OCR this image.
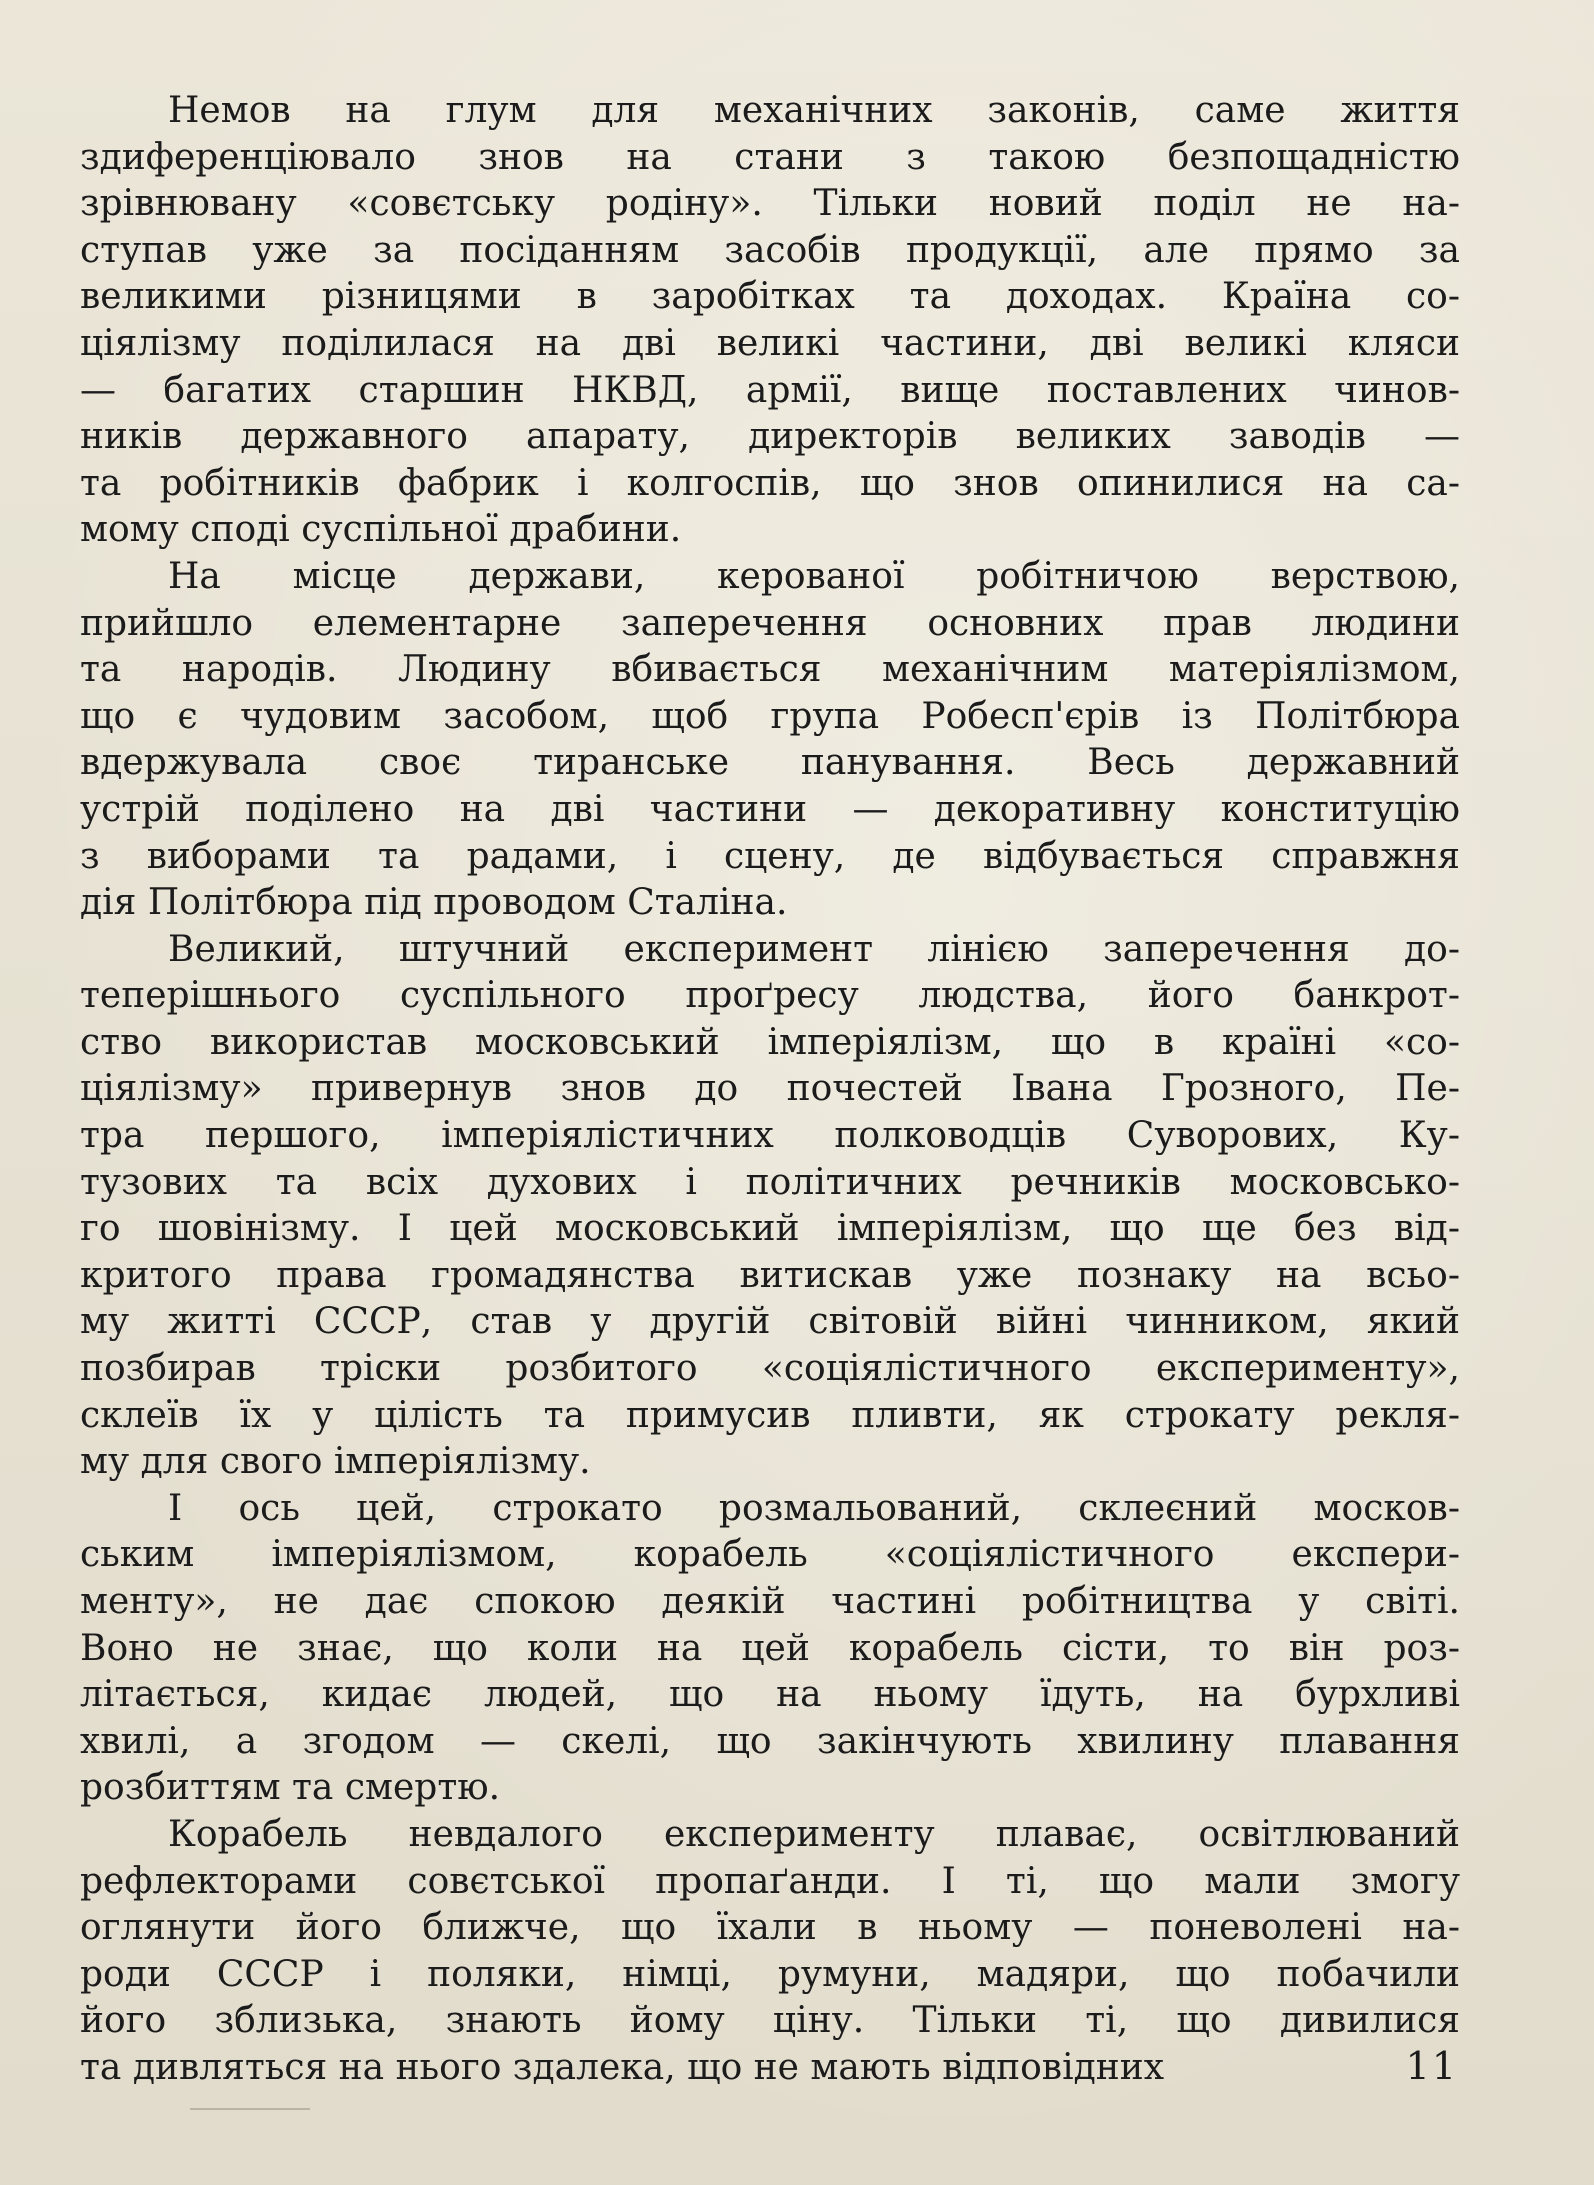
Немов на глум для механічних законів, саме життя
здиференціювало знов на стани з такою безпощадністю
зрівнювану «совєтську родіну». Тільки новий поділ не на-
ступав уже за посіданням засобів продукції, але прямо за
великими різницями в заробітках та доходах. Країна со-
ціялізму поділилася на дві великі частини, дві великі кляси
— багатих старшин НКВД, армії, вище поставлених чинов-
ників державного апарату, директорів великих заводів —
та робітників фабрик і колгоспів, що знов опинилися на са-
мому споді суспільної драбини.
На місце держави, керованої робітничою верствою,
прийшло елементарне заперечення основних прав людини
та народів. Людину вбивається механічним матеріялізмом,
що є чудовим засобом, щоб група Робесп'єрів із Політбюра
вдержувала своє тиранське панування. Весь державний
устрій поділено на дві частини — декоративну конституцію
з виборами та радами, і сцену, де відбувається справжня
дія Політбюра під проводом Сталіна.
Великий, штучний експеримент лінією заперечення до-
теперішнього суспільного проґресу людства, його банкрот-
ство використав московський імперіялізм, що в країні «со-
ціялізму» привернув знов до почестей Івана Грозного, Пе-
тра першого, імперіялістичних полководців Суворових, Ку-
тузових та всіх духових і політичних речників московсько-
го шовінізму. І цей московський імперіялізм, що ще без від-
критого права громадянства витискав уже познаку на всьо-
му житті СССР, став у другій світовій війні чинником, який
позбирав тріски розбитого «соціялістичного експерименту»,
склеїв їх у цілість та примусив пливти, як строкату рекля-
му для свого імперіялізму.
І ось цей, строкато розмальований, склеєний москов-
ським імперіялізмом, корабель «соціялістичного експери-
менту», не дає спокою деякій частині робітництва у світі.
Воно не знає, що коли на цей корабель сісти, то він роз-
літається, кидає людей, що на ньому їдуть, на бурхливі
хвилі, а згодом — скелі, що закінчують хвилину плавання
розбиттям та смертю.
Корабель невдалого експерименту плаває, освітлюваний
рефлекторами совєтської пропаґанди. І ті, що мали змогу
оглянути його ближче, що їхали в ньому — поневолені на-
роди СССР і поляки, німці, румуни, мадяри, що побачили
його зблизька, знають йому ціну. Тільки ті, що дивилися
та дивляться на нього здалека, що не мають відповідних	11
